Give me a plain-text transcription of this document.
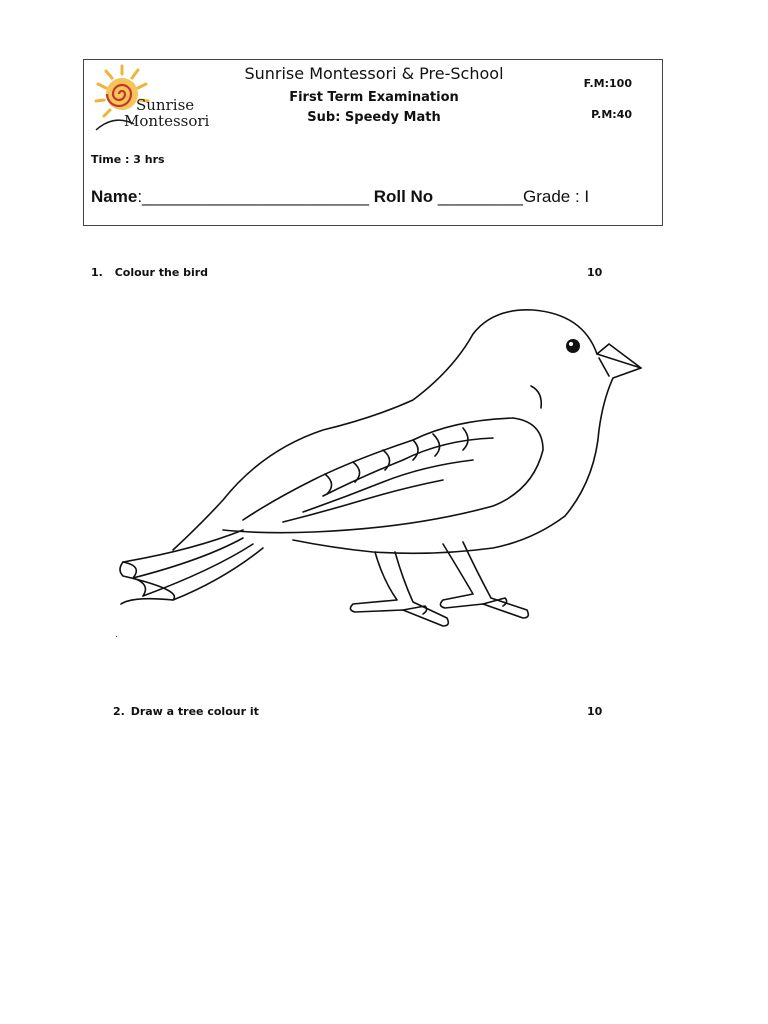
Sunrise
Montessori
Sunrise Montessori & Pre-School
First Term Examination
Sub: Speedy Math
F.M:100
P.M:40
Time : 3 hrs
Name:________________________ Roll No _________Grade : I
1. Colour the bird	10
.
2. Draw a tree colour it	10
